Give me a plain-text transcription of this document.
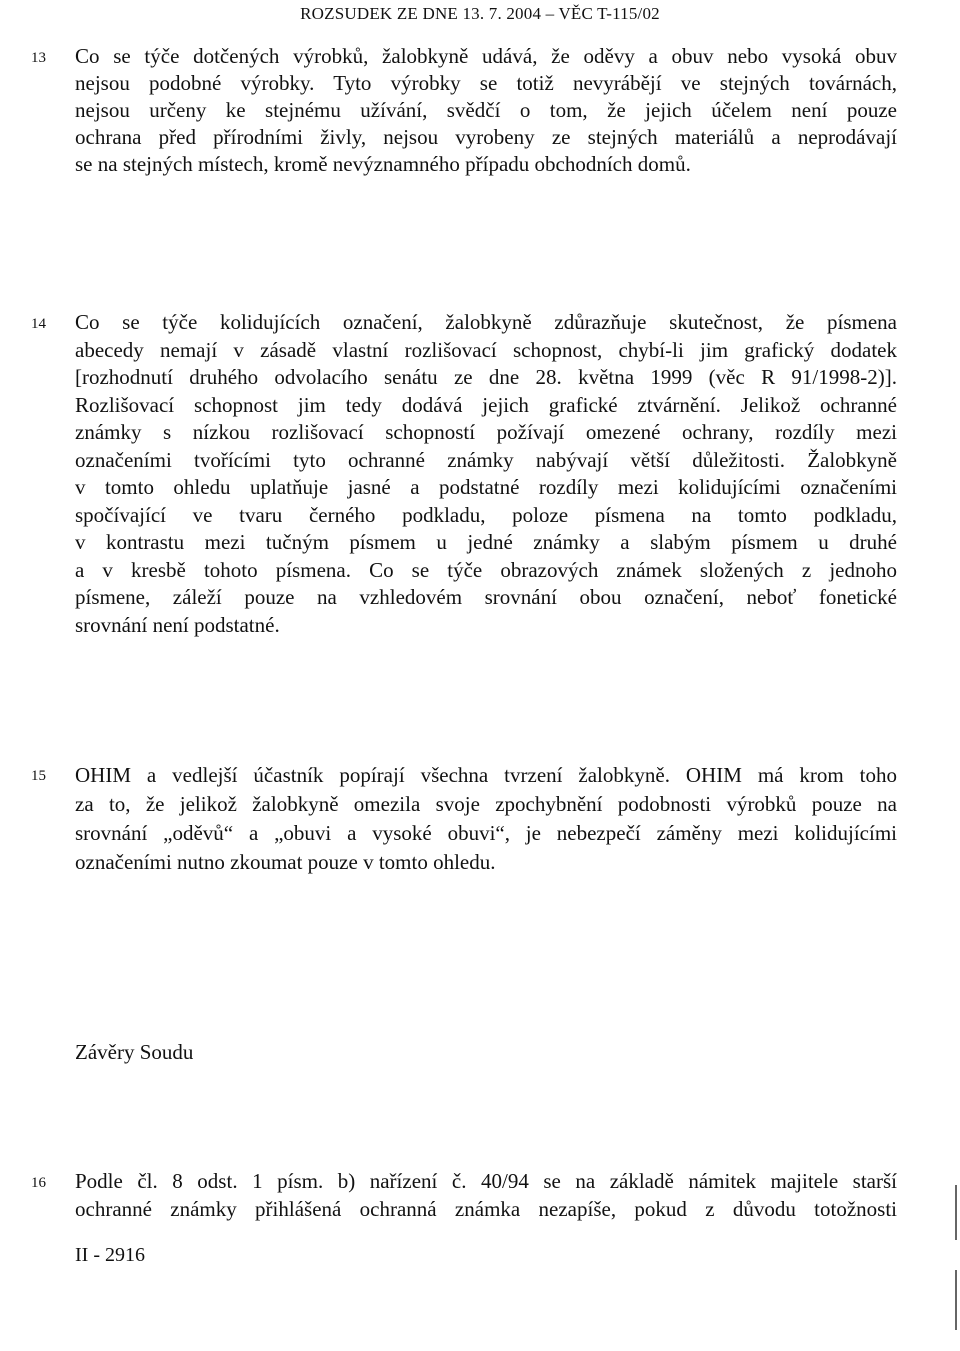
ROZSUDEK ZE DNE 13. 7. 2004 – VĚC T-115/02
13 Co se týče dotčených výrobků, žalobkyně udává, že oděvy a obuv nebo vysoká obuv
nejsou podobné výrobky. Tyto výrobky se totiž nevyrábějí ve stejných továrnách,
nejsou určeny ke stejnému užívání, svědčí o tom, že jejich účelem není pouze
ochrana před přírodními živly, nejsou vyrobeny ze stejných materiálů a neprodávají
se na stejných místech, kromě nevýznamného případu obchodních domů.
14 Co se týče kolidujících označení, žalobkyně zdůrazňuje skutečnost, že písmena
abecedy nemají v zásadě vlastní rozlišovací schopnost, chybí-li jim grafický dodatek
[rozhodnutí druhého odvolacího senátu ze dne 28. května 1999 (věc R 91/1998-2)].
Rozlišovací schopnost jim tedy dodává jejich grafické ztvárnění. Jelikož ochranné
známky s nízkou rozlišovací schopností požívají omezené ochrany, rozdíly mezi
označeními tvořícími tyto ochranné známky nabývají větší důležitosti. Žalobkyně
v tomto ohledu uplatňuje jasné a podstatné rozdíly mezi kolidujícími označeními
spočívající ve tvaru černého podkladu, poloze písmena na tomto podkladu,
v kontrastu mezi tučným písmem u jedné známky a slabým písmem u druhé
a v kresbě tohoto písmena. Co se týče obrazových známek složených z jednoho
písmene, záleží pouze na vzhledovém srovnání obou označení, neboť fonetické
srovnání není podstatné.
15 OHIM a vedlejší účastník popírají všechna tvrzení žalobkyně. OHIM má krom toho
za to, že jelikož žalobkyně omezila svoje zpochybnění podobnosti výrobků pouze na
srovnání „oděvů“ a „obuvi a vysoké obuvi“, je nebezpečí záměny mezi kolidujícími
označeními nutno zkoumat pouze v tomto ohledu.
Závěry Soudu
16 Podle čl. 8 odst. 1 písm. b) nařízení č. 40/94 se na základě námitek majitele starší
ochranné známky přihlášená ochranná známka nezapíše, pokud z důvodu totožnosti
II - 2916
